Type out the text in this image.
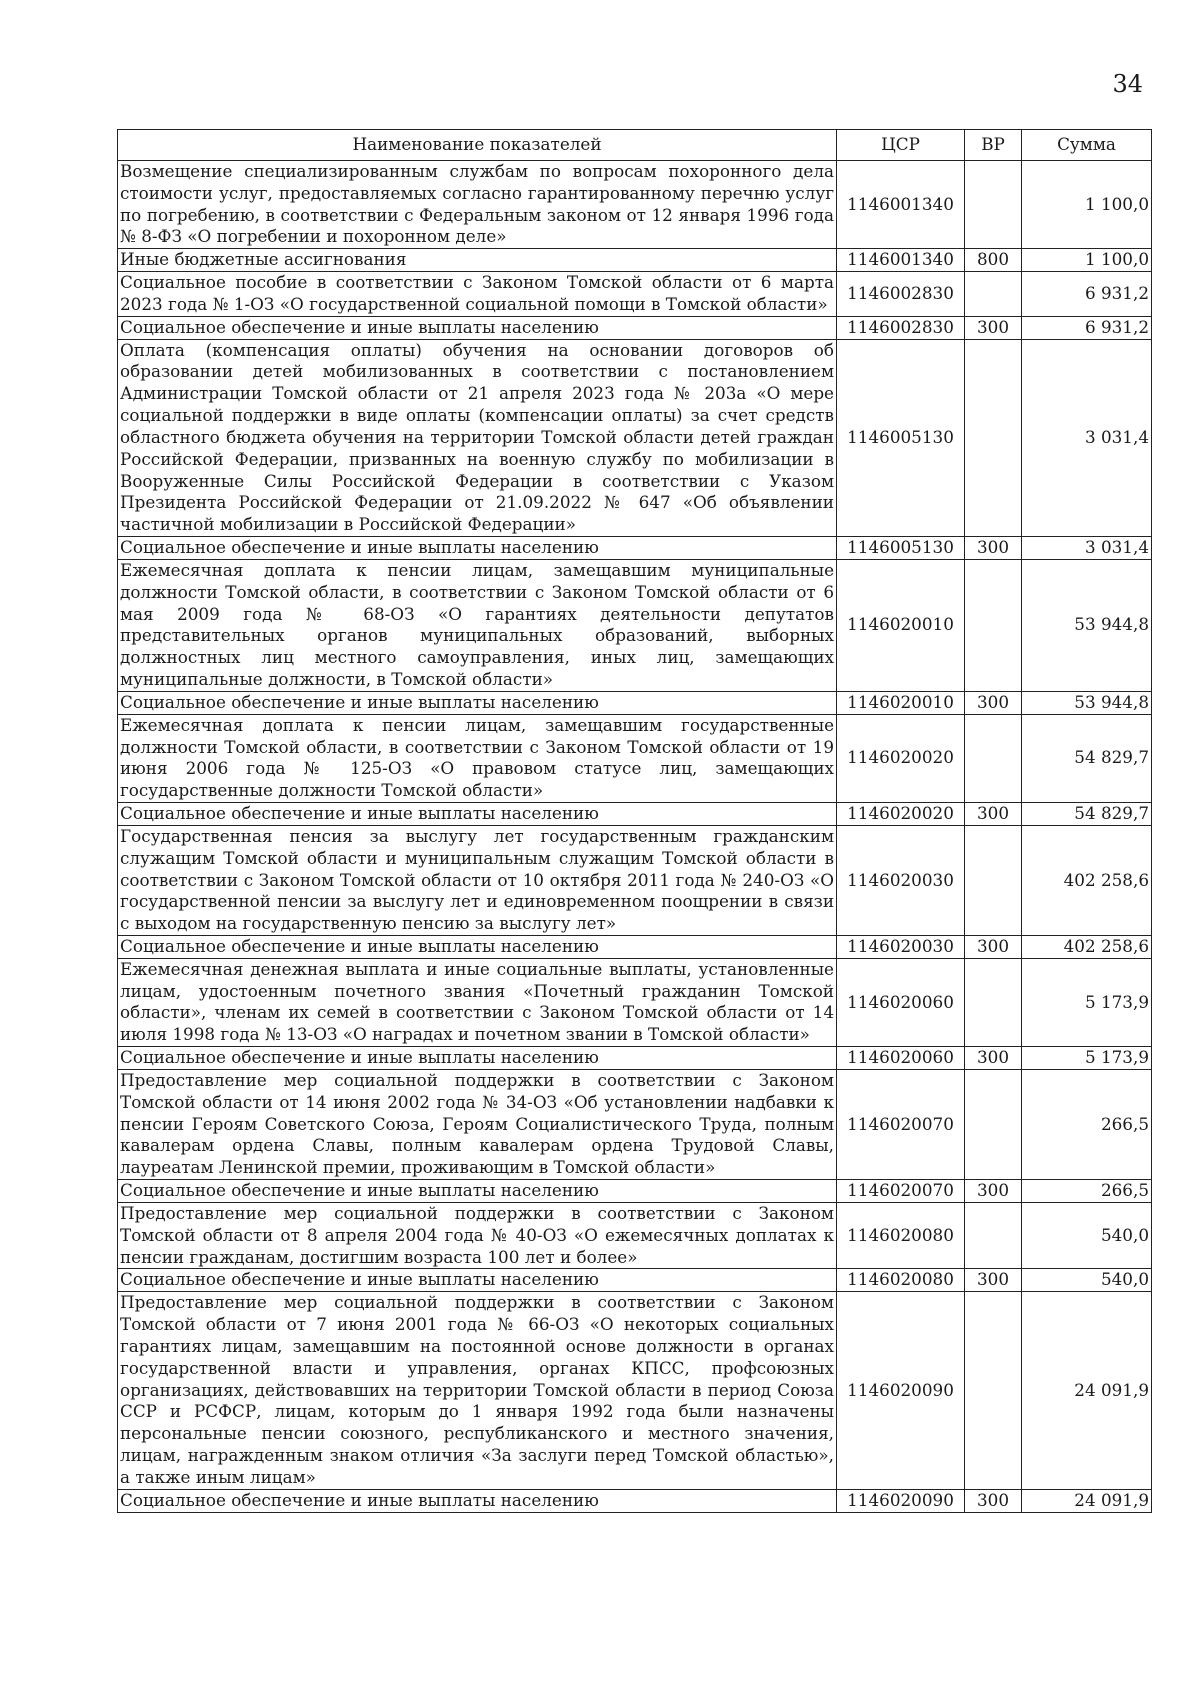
34
Наименование показателей	ЦСР	ВР	Сумма
Возмещение специализированным службам по вопросам похоронного дела стоимости услуг, предоставляемых согласно гарантированному перечню услуг по погребению, в соответствии с Федеральным законом от 12 января 1996 года № 8-ФЗ «О погребении и похоронном деле»	1146001340		1 100,0
Иные бюджетные ассигнования	1146001340	800	1 100,0
Социальное пособие в соответствии с Законом Томской области от 6 марта 2023 года № 1-ОЗ «О государственной социальной помощи в Томской области»	1146002830		6 931,2
Социальное обеспечение и иные выплаты населению	1146002830	300	6 931,2
Оплата (компенсация оплаты) обучения на основании договоров об образовании детей мобилизованных в соответствии с постановлением Администрации Томской области от 21 апреля 2023 года № 203а «О мере социальной поддержки в виде оплаты (компенсации оплаты) за счет средств областного бюджета обучения на территории Томской области детей граждан Российской Федерации, призванных на военную службу по мобилизации в Вооруженные Силы Российской Федерации в соответствии с Указом Президента Российской Федерации от 21.09.2022 № 647 «Об объявлении частичной мобилизации в Российской Федерации»	1146005130		3 031,4
Социальное обеспечение и иные выплаты населению	1146005130	300	3 031,4
Ежемесячная доплата к пенсии лицам, замещавшим муниципальные должности Томской области, в соответствии с Законом Томской области от 6 мая 2009 года № 68-ОЗ «О гарантиях деятельности депутатов представительных органов муниципальных образований, выборных должностных лиц местного самоуправления, иных лиц, замещающих муниципальные должности, в Томской области»	1146020010		53 944,8
Социальное обеспечение и иные выплаты населению	1146020010	300	53 944,8
Ежемесячная доплата к пенсии лицам, замещавшим государственные должности Томской области, в соответствии с Законом Томской области от 19 июня 2006 года № 125-ОЗ «О правовом статусе лиц, замещающих государственные должности Томской области»	1146020020		54 829,7
Социальное обеспечение и иные выплаты населению	1146020020	300	54 829,7
Государственная пенсия за выслугу лет государственным гражданским служащим Томской области и муниципальным служащим Томской области в соответствии с Законом Томской области от 10 октября 2011 года № 240-ОЗ «О государственной пенсии за выслугу лет и единовременном поощрении в связи с выходом на государственную пенсию за выслугу лет»	1146020030		402 258,6
Социальное обеспечение и иные выплаты населению	1146020030	300	402 258,6
Ежемесячная денежная выплата и иные социальные выплаты, установленные лицам, удостоенным почетного звания «Почетный гражданин Томской области», членам их семей в соответствии с Законом Томской области от 14 июля 1998 года № 13-ОЗ «О наградах и почетном звании в Томской области»	1146020060		5 173,9
Социальное обеспечение и иные выплаты населению	1146020060	300	5 173,9
Предоставление мер социальной поддержки в соответствии с Законом Томской области от 14 июня 2002 года № 34-ОЗ «Об установлении надбавки к пенсии Героям Советского Союза, Героям Социалистического Труда, полным кавалерам ордена Славы, полным кавалерам ордена Трудовой Славы, лауреатам Ленинской премии, проживающим в Томской области»	1146020070		266,5
Социальное обеспечение и иные выплаты населению	1146020070	300	266,5
Предоставление мер социальной поддержки в соответствии с Законом Томской области от 8 апреля 2004 года № 40-ОЗ «О ежемесячных доплатах к пенсии гражданам, достигшим возраста 100 лет и более»	1146020080		540,0
Социальное обеспечение и иные выплаты населению	1146020080	300	540,0
Предоставление мер социальной поддержки в соответствии с Законом Томской области от 7 июня 2001 года № 66-ОЗ «О некоторых социальных гарантиях лицам, замещавшим на постоянной основе должности в органах государственной власти и управления, органах КПСС, профсоюзных организациях, действовавших на территории Томской области в период Союза ССР и РСФСР, лицам, которым до 1 января 1992 года были назначены персональные пенсии союзного, республиканского и местного значения, лицам, награжденным знаком отличия «За заслуги перед Томской областью», а также иным лицам»	1146020090		24 091,9
Социальное обеспечение и иные выплаты населению	1146020090	300	24 091,9
